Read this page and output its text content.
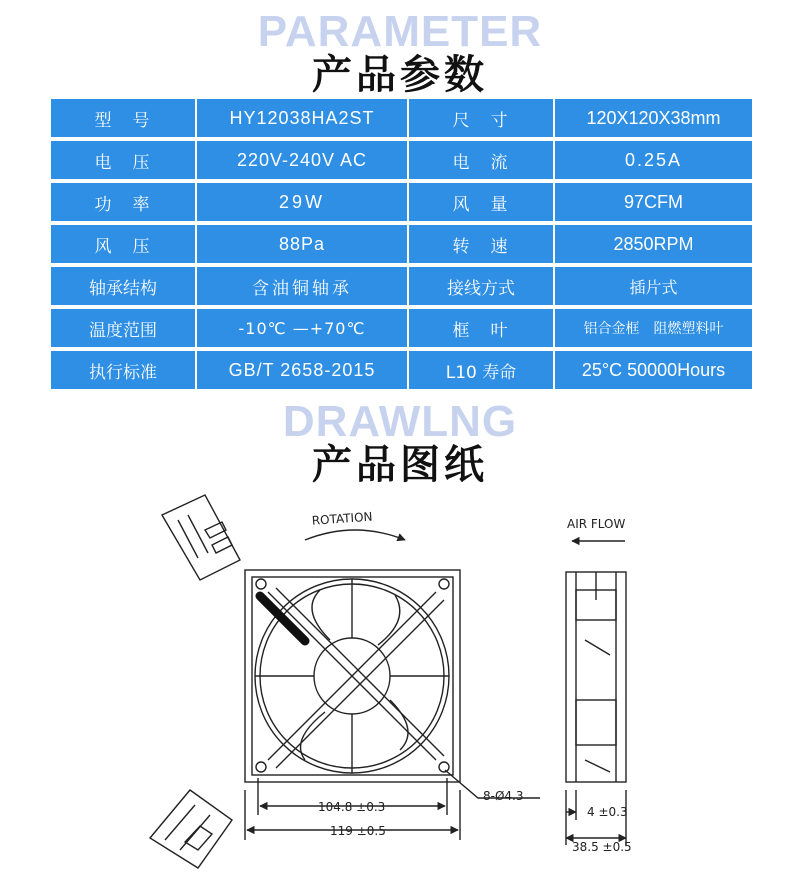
PARAMETER
产品参数
型　号	HY12038HA2ST	尺　寸	120X120X38mm
电　压	220V-240V AC	电　流	0.25A
功　率	29W	风　量	97CFM
风　压	88Pa	转　速	2850RPM
轴承结构	含油铜轴承	接线方式	插片式
温度范围	-10℃ —+70℃	框　叶	铝合金框　阻燃塑料叶
执行标准	GB/T 2658-2015	L10 寿命	25°C 50000Hours
DRAWLNG
产品图纸
ROTATION	AIR FLOW
104.8 ±0.3
119 ±0.5
8-Ø4.3
4 ±0.3
38.5 ±0.5
